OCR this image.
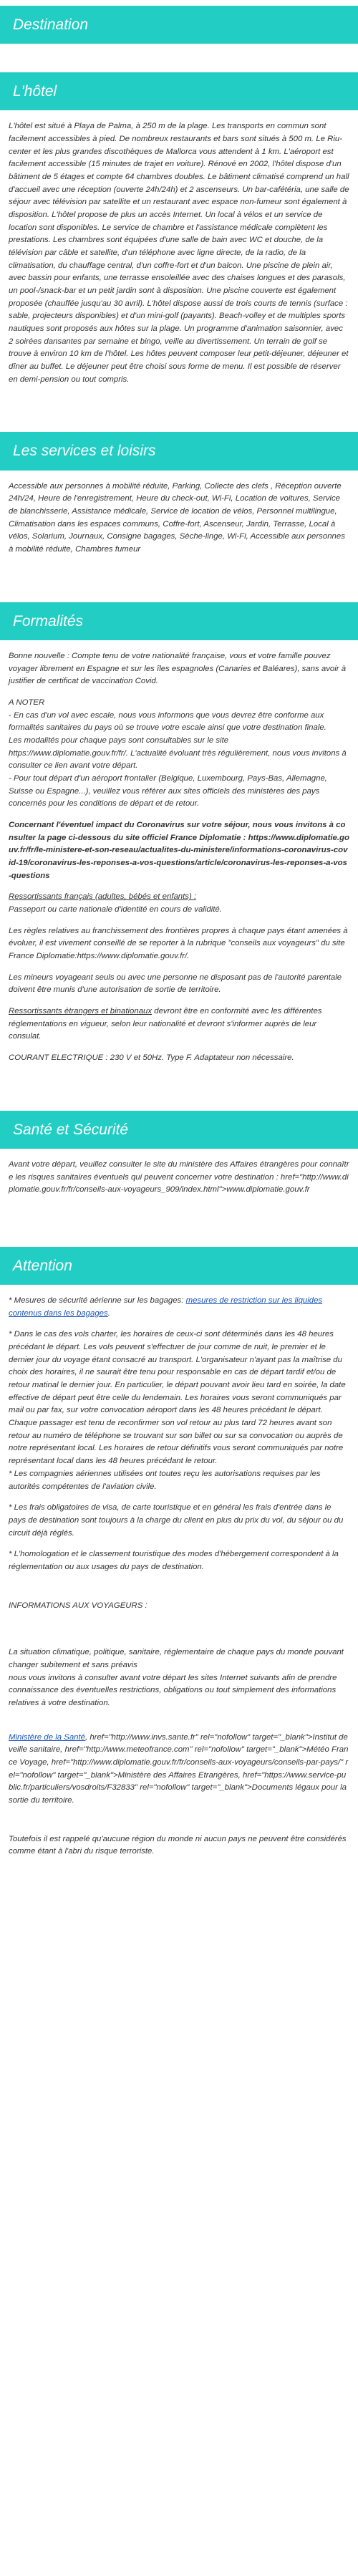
Destination
L'hôtel

L'hôtel est situé à Playa de Palma, à 250 m de la plage. Les transports en commun sont facilement accessibles à pied. De nombreux restaurants et bars sont situés à 500 m. Le Riu-center et les plus grandes discothèques de Mallorca vous attendent à 1 km. L'aéroport est facilement accessible (15 minutes de trajet en voiture). Rénové en 2002, l'hôtel dispose d'un bâtiment de 5 étages et compte 64 chambres doubles. Le bâtiment climatisé comprend un hall d'accueil avec une réception (ouverte 24h/24h) et 2 ascenseurs. Un bar-cafétéria, une salle de séjour avec télévision par satellite et un restaurant avec espace non-fumeur sont également à disposition. L'hôtel propose de plus un accès Internet. Un local à vélos et un service de location sont disponibles. Le service de chambre et l'assistance médicale complètent les prestations. Les chambres sont équipées d'une salle de bain avec WC et douche, de la télévision par câble et satellite, d'un téléphone avec ligne directe, de la radio, de la climatisation, du chauffage central, d'un coffre-fort et d'un balcon. Une piscine de plein air, avec bassin pour enfants, une terrasse ensoleillée avec des chaises longues et des parasols, un pool-/snack-bar et un petit jardin sont à disposition. Une piscine couverte est également proposée (chauffée jusqu'au 30 avril). L'hôtel dispose aussi de trois courts de tennis (surface : sable, projecteurs disponibles) et d'un mini-golf (payants). Beach-volley et de multiples sports nautiques sont proposés aux hôtes sur la plage. Un programme d'animation saisonnier, avec 2 soirées dansantes par semaine et bingo, veille au divertissement. Un terrain de golf se trouve à environ 10 km de l'hôtel. Les hôtes peuvent composer leur petit-déjeuner, déjeuner et dîner au buffet. Le déjeuner peut être choisi sous forme de menu. Il est possible de réserver en demi-pension ou tout compris.

Les services et loisirs

Accessible aux personnes à mobilité réduite, Parking, Collecte des clefs , Réception ouverte 24h/24, Heure de l'enregistrement, Heure du check-out, Wi-Fi, Location de voitures, Service de blanchisserie, Assistance médicale, Service de location de vélos, Personnel multilingue, Climatisation dans les espaces communs, Coffre-fort, Ascenseur, Jardin, Terrasse, Local à vélos, Solarium, Journaux, Consigne bagages, Sèche-linge, Wi-Fi, Accessible aux personnes à mobilité réduite, Chambres fumeur

Formalités

Bonne nouvelle : Compte tenu de votre nationalité française, vous et votre famille pouvez voyager librement en Espagne et sur les îles espagnoles (Canaries et Baléares), sans avoir à justifier de certificat de vaccination Covid.

A NOTER
- En cas d'un vol avec escale, nous vous informons que vous devrez être conforme aux formalités sanitaires du pays où se trouve votre escale ainsi que votre destination finale.
Les modalités pour chaque pays sont consultables sur le site https://www.diplomatie.gouv.fr/fr/. L'actualité évoluant très régulièrement, nous vous invitons à consulter ce lien avant votre départ.
- Pour tout départ d'un aéroport frontalier (Belgique, Luxembourg, Pays-Bas, Allemagne, Suisse ou Espagne...), veuillez vous référer aux sites officiels des ministères des pays concernés pour les conditions de départ et de retour.

Concernant l'éventuel impact du Coronavirus sur votre séjour, nous vous invitons à consulter la page ci-dessous du site officiel France Diplomatie : https://www.diplomatie.gouv.fr/fr/le-ministere-et-son-reseau/actualites-du-ministere/informations-coronavirus-covid-19/coronavirus-les-reponses-a-vos-questions/article/coronavirus-les-reponses-a-vos-questions

Ressortissants français (adultes, bébés et enfants) :
Passeport ou carte nationale d'identité en cours de validité.

Les règles relatives au franchissement des frontières propres à chaque pays étant amenées à évoluer, il est vivement conseillé de se reporter à la rubrique "conseils aux voyageurs" du site France Diplomatie:https://www.diplomatie.gouv.fr/.

Les mineurs voyageant seuls ou avec une personne ne disposant pas de l'autorité parentale doivent être munis d'une autorisation de sortie de territoire.

Ressortissants étrangers et binationaux devront être en conformité avec les différentes réglementations en vigueur, selon leur nationalité et devront s'informer auprès de leur consulat.

COURANT ELECTRIQUE : 230 V et 50Hz. Type F. Adaptateur non nécessaire.

Santé et Sécurité

Avant votre départ, veuillez consulter le site du ministère des Affaires étrangères pour connaître les risques sanitaires éventuels qui peuvent concerner votre destination : href="http://www.diplomatie.gouv.fr/fr/conseils-aux-voyageurs_909/index.html">www.diplomatie.gouv.fr

Attention

* Mesures de sécurité aérienne sur les bagages: mesures de restriction sur les liquides contenus dans les bagages.

* Dans le cas des vols charter, les horaires de ceux-ci sont déterminés dans les 48 heures précédant le départ. Les vols peuvent s'effectuer de jour comme de nuit, le premier et le dernier jour du voyage étant consacré au transport. L'organisateur n'ayant pas la maîtrise du choix des horaires, il ne saurait être tenu pour responsable en cas de départ tardif et/ou de retour matinal le dernier jour. En particulier, le départ pouvant avoir lieu tard en soirée, la date effective de départ peut être celle du lendemain. Les horaires vous seront communiqués par mail ou par fax, sur votre convocation aéroport dans les 48 heures précédant le départ. Chaque passager est tenu de reconfirmer son vol retour au plus tard 72 heures avant son retour au numéro de téléphone se trouvant sur son billet ou sur sa convocation ou auprès de notre représentant local. Les horaires de retour définitifs vous seront communiqués par notre représentant local dans les 48 heures précédant le retour.
* Les compagnies aériennes utilisées ont toutes reçu les autorisations requises par les autorités compétentes de l'aviation civile.

* Les frais obligatoires de visa, de carte touristique et en général les frais d'entrée dans le pays de destination sont toujours à la charge du client en plus du prix du vol, du séjour ou du circuit déjà réglés.

* L'homologation et le classement touristique des modes d'hébergement correspondent à la réglementation ou aux usages du pays de destination.

INFORMATIONS AUX VOYAGEURS :

La situation climatique, politique, sanitaire, réglementaire de chaque pays du monde pouvant changer subitement et sans préavis
nous vous invitons à consulter avant votre départ les sites Internet suivants afin de prendre connaissance des éventuelles restrictions, obligations ou tout simplement des informations relatives à votre destination.

Ministère de la Santé, href="http://www.invs.sante.fr" rel="nofollow" target="_blank">Institut de veille sanitaire, href="http://www.meteofrance.com" rel="nofollow" target="_blank">Météo France Voyage, href="http://www.diplomatie.gouv.fr/fr/conseils-aux-voyageurs/conseils-par-pays/" rel="nofollow" target="_blank">Ministère des Affaires Etrangères, href="https://www.service-public.fr/particuliers/vosdroits/F32833" rel="nofollow" target="_blank">Documents légaux pour la sortie du territoire.

Toutefois il est rappelé qu'aucune région du monde ni aucun pays ne peuvent être considérés comme étant à l'abri du risque terroriste.
